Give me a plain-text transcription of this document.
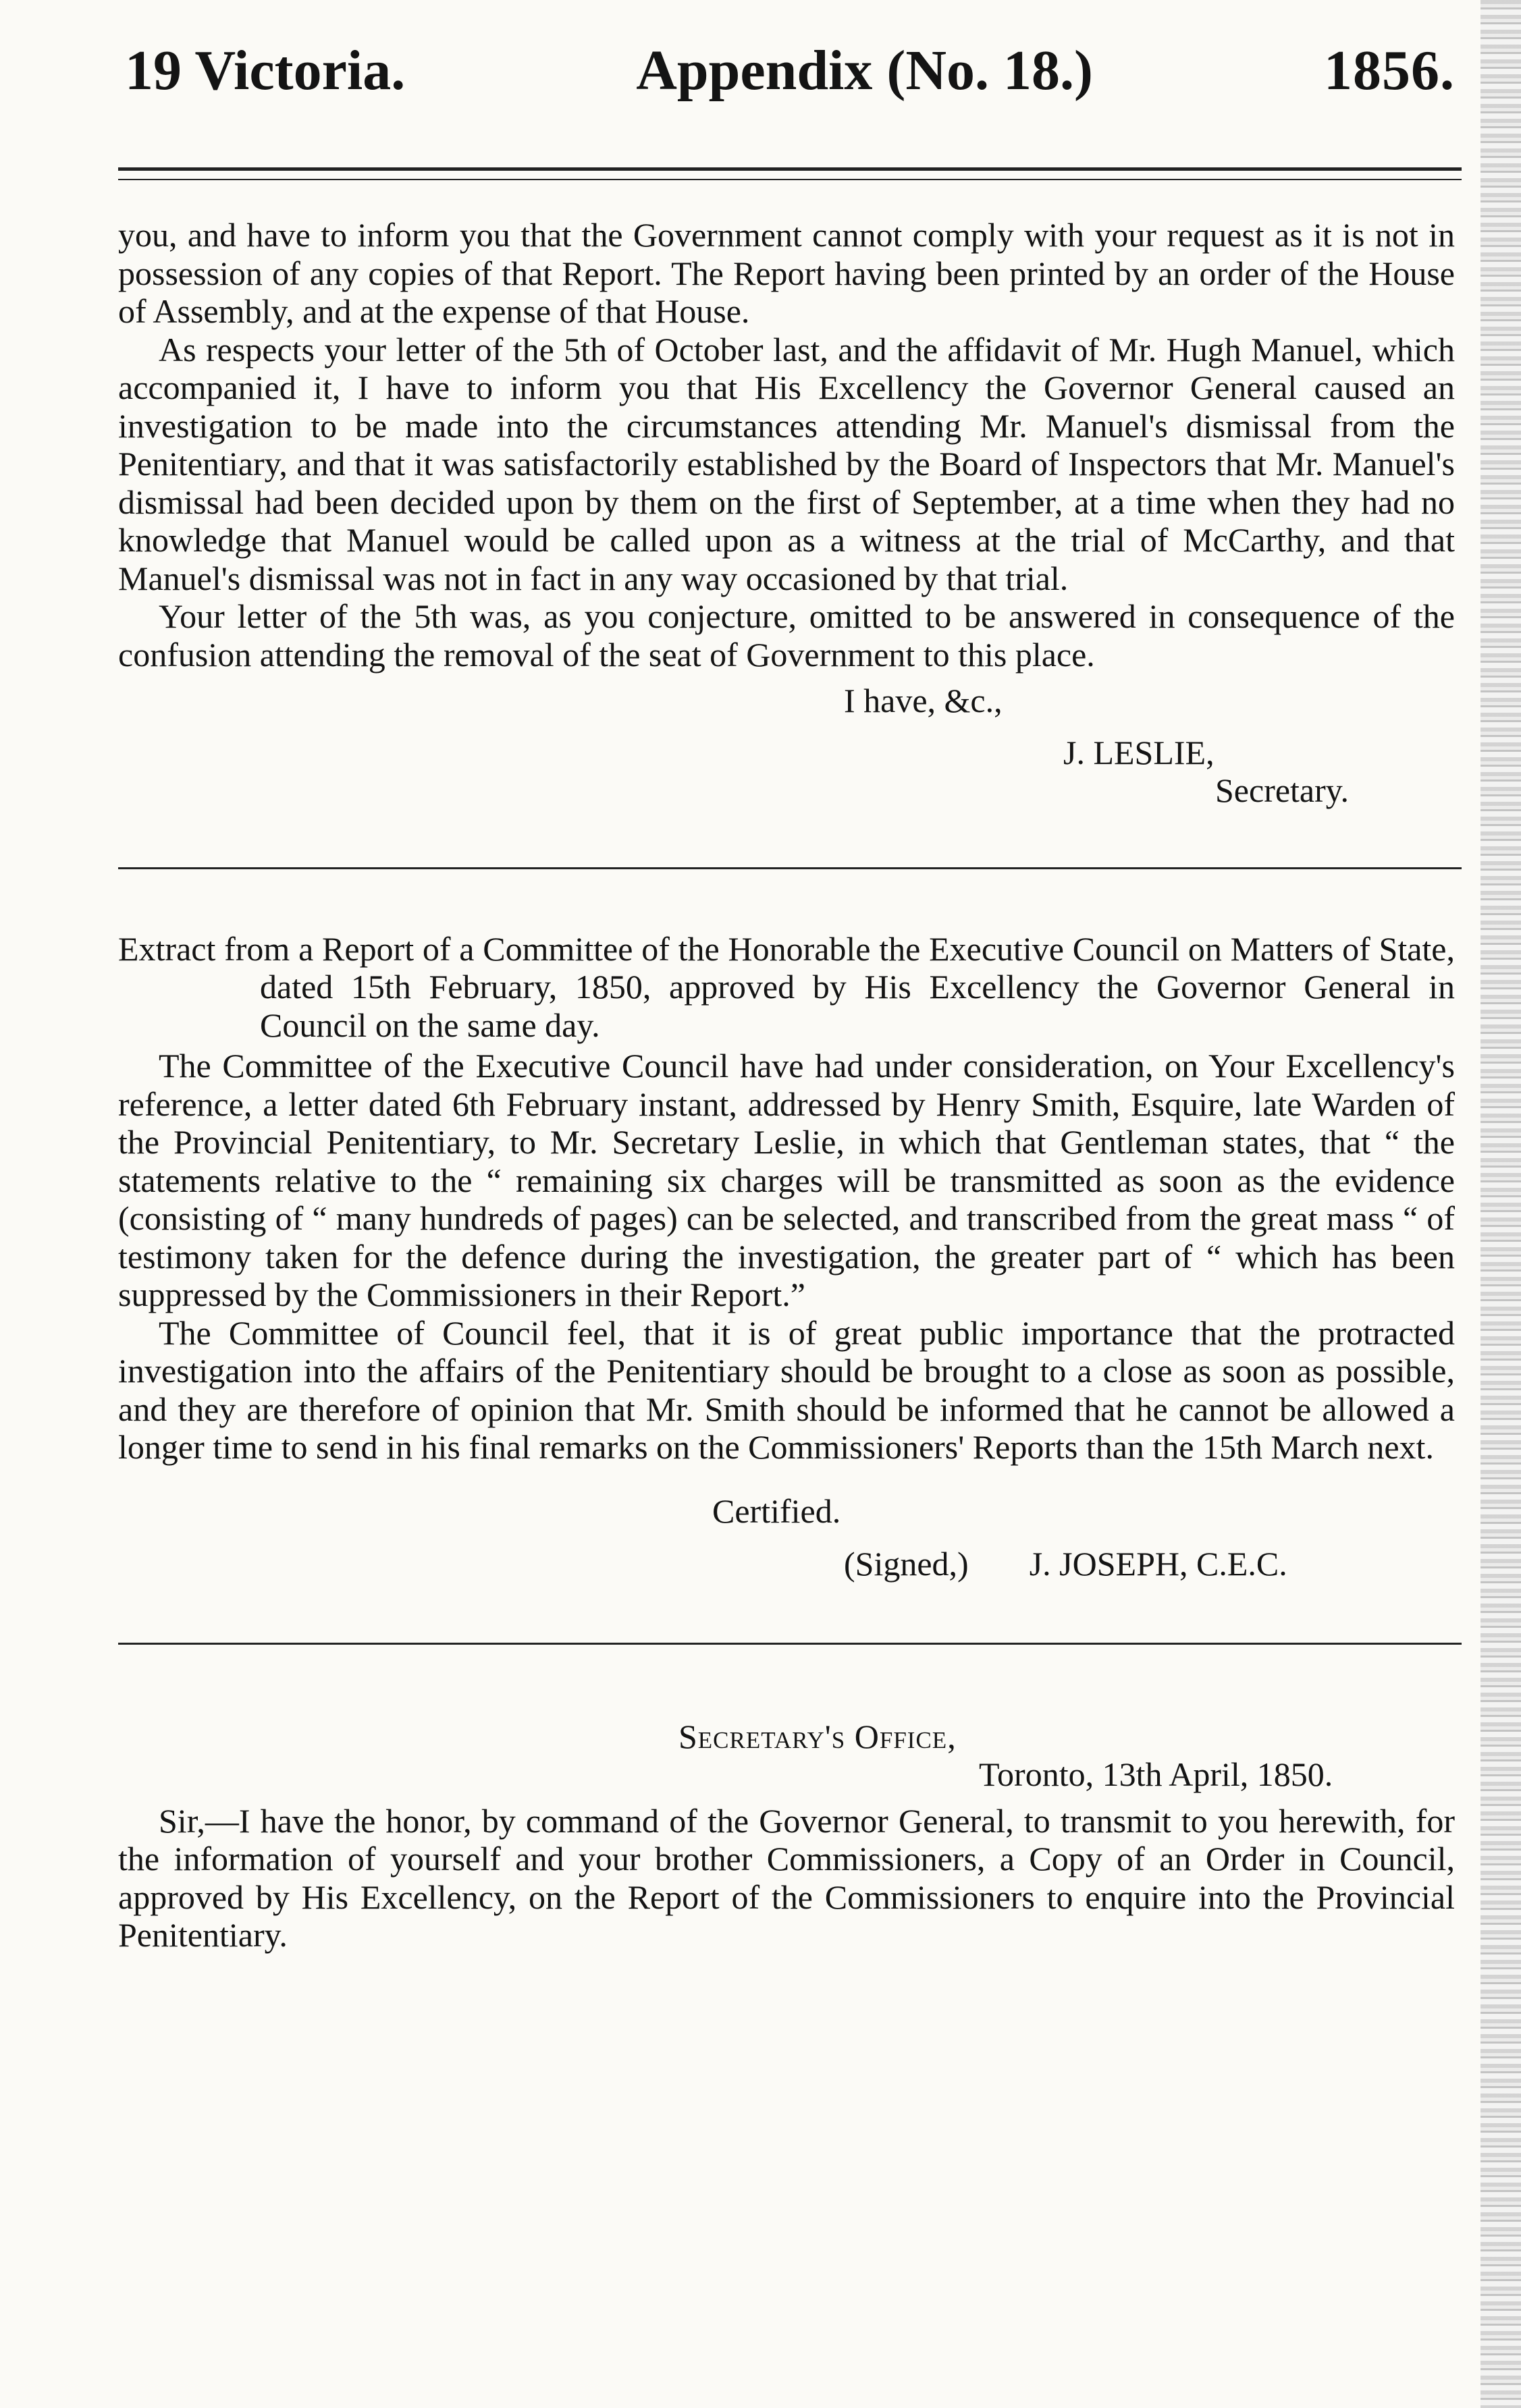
19 Victoria.	Appendix (No. 18.)	1856.

you, and have to inform you that the Government cannot comply with your request as it is not in possession of any copies of that Report. The Report having been printed by an order of the House of Assembly, and at the expense of that House.

As respects your letter of the 5th of October last, and the affidavit of Mr. Hugh Manuel, which accompanied it, I have to inform you that His Excellency the Governor General caused an investigation to be made into the circumstances attending Mr. Manuel's dismissal from the Penitentiary, and that it was satisfactorily established by the Board of Inspectors that Mr. Manuel's dismissal had been decided upon by them on the first of September, at a time when they had no knowledge that Manuel would be called upon as a witness at the trial of McCarthy, and that Manuel's dismissal was not in fact in any way occasioned by that trial.

Your letter of the 5th was, as you conjecture, omitted to be answered in consequence of the confusion attending the removal of the seat of Government to this place.

I have, &c.,
J. LESLIE,
Secretary.

Extract from a Report of a Committee of the Honorable the Executive Council on Matters of State, dated 15th February, 1850, approved by His Excellency the Governor General in Council on the same day.

The Committee of the Executive Council have had under consideration, on Your Excellency's reference, a letter dated 6th February instant, addressed by Henry Smith, Esquire, late Warden of the Provincial Penitentiary, to Mr. Secretary Leslie, in which that Gentleman states, that “ the statements relative to the “ remaining six charges will be transmitted as soon as the evidence (consisting of “ many hundreds of pages) can be selected, and transcribed from the great mass “ of testimony taken for the defence during the investigation, the greater part of “ which has been suppressed by the Commissioners in their Report.”

The Committee of Council feel, that it is of great public importance that the protracted investigation into the affairs of the Penitentiary should be brought to a close as soon as possible, and they are therefore of opinion that Mr. Smith should be informed that he cannot be allowed a longer time to send in his final remarks on the Commissioners' Reports than the 15th March next.

Certified.
(Signed,) J. JOSEPH, C.E.C.
Secretary's Office,
Toronto, 13th April, 1850.

Sir,—I have the honor, by command of the Governor General, to transmit to you herewith, for the information of yourself and your brother Commissioners, a Copy of an Order in Council, approved by His Excellency, on the Report of the Commissioners to enquire into the Provincial Penitentiary.
